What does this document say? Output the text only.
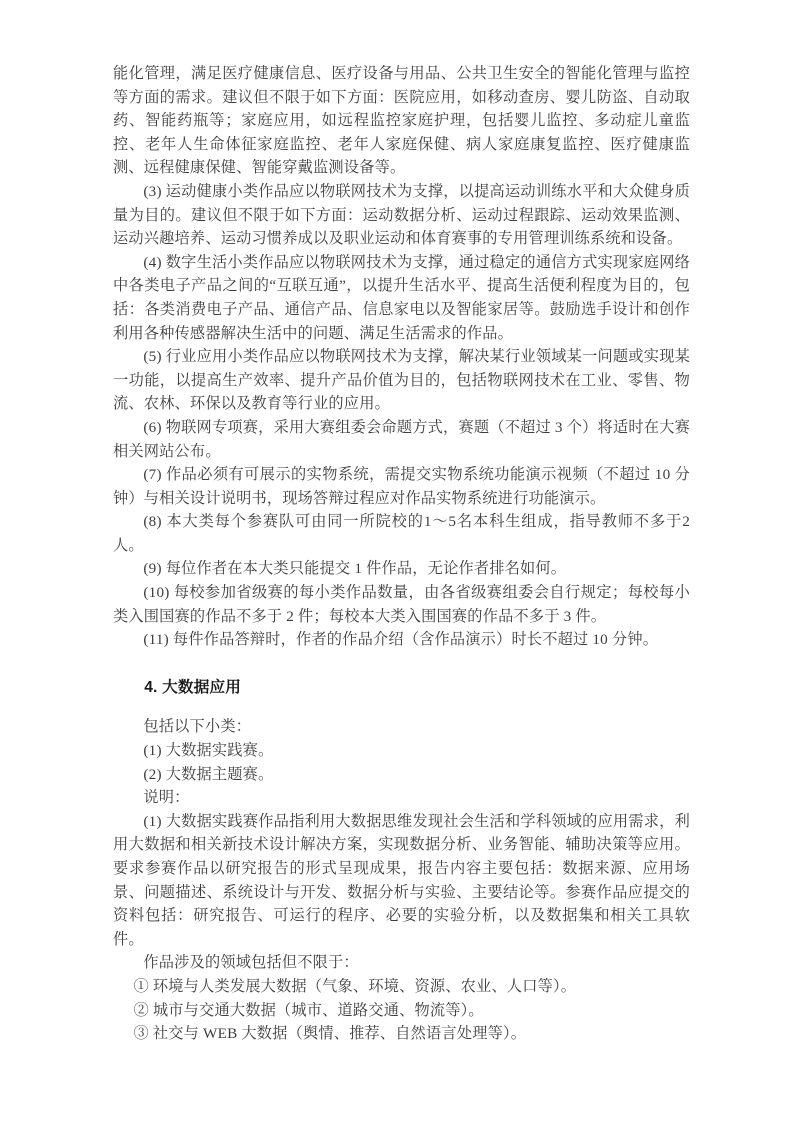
能化管理，满足医疗健康信息、医疗设备与用品、公共卫生安全的智能化管理与监控等方面的需求。建议但不限于如下方面：医院应用，如移动查房、婴儿防盗、自动取药、智能药瓶等；家庭应用，如远程监控家庭护理，包括婴儿监控、多动症儿童监控、老年人生命体征家庭监控、老年人家庭保健、病人家庭康复监控、医疗健康监测、远程健康保健、智能穿戴监测设备等。

(3) 运动健康小类作品应以物联网技术为支撑，以提高运动训练水平和大众健身质量为目的。建议但不限于如下方面：运动数据分析、运动过程跟踪、运动效果监测、运动兴趣培养、运动习惯养成以及职业运动和体育赛事的专用管理训练系统和设备。

(4) 数字生活小类作品应以物联网技术为支撑，通过稳定的通信方式实现家庭网络中各类电子产品之间的“互联互通”，以提升生活水平、提高生活便利程度为目的，包括：各类消费电子产品、通信产品、信息家电以及智能家居等。鼓励选手设计和创作利用各种传感器解决生活中的问题、满足生活需求的作品。

(5) 行业应用小类作品应以物联网技术为支撑，解决某行业领域某一问题或实现某一功能，以提高生产效率、提升产品价值为目的，包括物联网技术在工业、零售、物流、农林、环保以及教育等行业的应用。

(6) 物联网专项赛，采用大赛组委会命题方式，赛题（不超过 3 个）将适时在大赛相关网站公布。

(7) 作品必须有可展示的实物系统，需提交实物系统功能演示视频（不超过 10 分钟）与相关设计说明书，现场答辩过程应对作品实物系统进行功能演示。

(8) 本大类每个参赛队可由同一所院校的1～5名本科生组成，指导教师不多于2人。

(9) 每位作者在本大类只能提交 1 件作品，无论作者排名如何。

(10) 每校参加省级赛的每小类作品数量，由各省级赛组委会自行规定；每校每小类入围国赛的作品不多于 2 件；每校本大类入围国赛的作品不多于 3 件。

(11) 每件作品答辩时，作者的作品介绍（含作品演示）时长不超过 10 分钟。

4. 大数据应用

包括以下小类：

(1) 大数据实践赛。

(2) 大数据主题赛。

说明：

(1) 大数据实践赛作品指利用大数据思维发现社会生活和学科领域的应用需求，利用大数据和相关新技术设计解决方案，实现数据分析、业务智能、辅助决策等应用。要求参赛作品以研究报告的形式呈现成果，报告内容主要包括：数据来源、应用场景、问题描述、系统设计与开发、数据分析与实验、主要结论等。参赛作品应提交的资料包括：研究报告、可运行的程序、必要的实验分析，以及数据集和相关工具软件。

作品涉及的领域包括但不限于：

① 环境与人类发展大数据（气象、环境、资源、农业、人口等）。

② 城市与交通大数据（城市、道路交通、物流等）。

③ 社交与 WEB 大数据（舆情、推荐、自然语言处理等）。
